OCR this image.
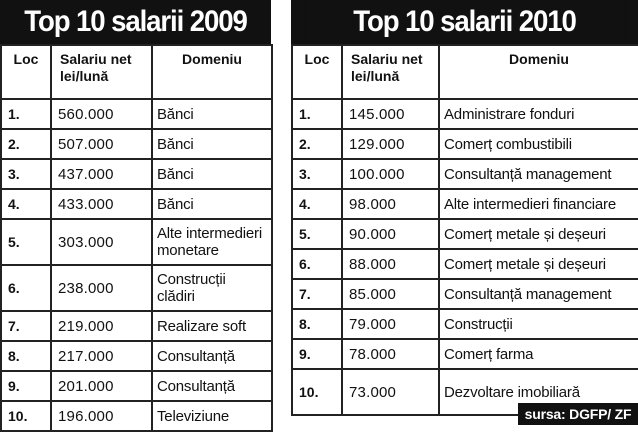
Top 10 salarii 2009
Loc	Salariu net lei/lună	Domeniu
1.	560.000	Bănci
2.	507.000	Bănci
3.	437.000	Bănci
4.	433.000	Bănci
5.	303.000	Alte intermedieri monetare
6.	238.000	Construcții clădiri
7.	219.000	Realizare soft
8.	217.000	Consultanță
9.	201.000	Consultanță
10.	196.000	Televiziune
Top 10 salarii 2010
Loc	Salariu net lei/lună	Domeniu
1.	145.000	Administrare fonduri
2.	129.000	Comerț combustibili
3.	100.000	Consultanță management
4.	98.000	Alte intermedieri financiare
5.	90.000	Comerț metale și deșeuri
6.	88.000	Comerț metale și deșeuri
7.	85.000	Consultanță management
8.	79.000	Construcții
9.	78.000	Comerț farma
10.	73.000	Dezvoltare imobiliară
sursa: DGFP/ ZF
